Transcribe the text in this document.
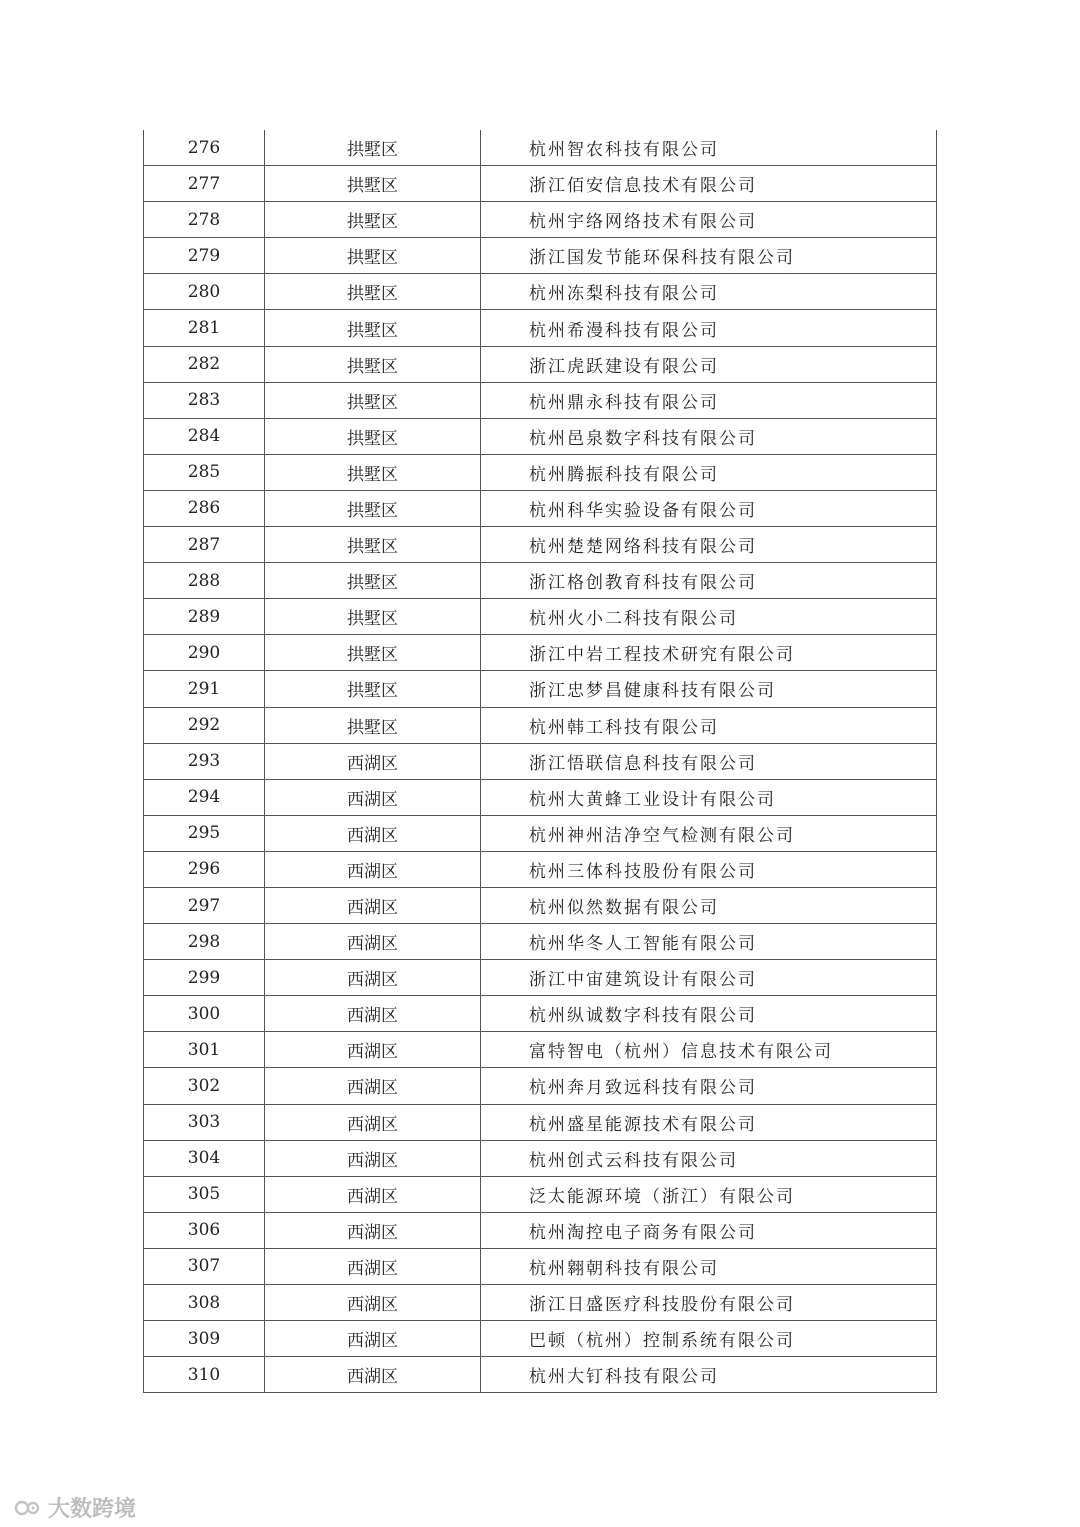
276	拱墅区	杭州智农科技有限公司
277	拱墅区	浙江佰安信息技术有限公司
278	拱墅区	杭州宇络网络技术有限公司
279	拱墅区	浙江国发节能环保科技有限公司
280	拱墅区	杭州冻梨科技有限公司
281	拱墅区	杭州希漫科技有限公司
282	拱墅区	浙江虎跃建设有限公司
283	拱墅区	杭州鼎永科技有限公司
284	拱墅区	杭州邑泉数字科技有限公司
285	拱墅区	杭州腾振科技有限公司
286	拱墅区	杭州科华实验设备有限公司
287	拱墅区	杭州楚楚网络科技有限公司
288	拱墅区	浙江格创教育科技有限公司
289	拱墅区	杭州火小二科技有限公司
290	拱墅区	浙江中岩工程技术研究有限公司
291	拱墅区	浙江忠梦昌健康科技有限公司
292	拱墅区	杭州韩工科技有限公司
293	西湖区	浙江悟联信息科技有限公司
294	西湖区	杭州大黄蜂工业设计有限公司
295	西湖区	杭州神州洁净空气检测有限公司
296	西湖区	杭州三体科技股份有限公司
297	西湖区	杭州似然数据有限公司
298	西湖区	杭州华冬人工智能有限公司
299	西湖区	浙江中宙建筑设计有限公司
300	西湖区	杭州纵诚数字科技有限公司
301	西湖区	富特智电（杭州）信息技术有限公司
302	西湖区	杭州奔月致远科技有限公司
303	西湖区	杭州盛星能源技术有限公司
304	西湖区	杭州创式云科技有限公司
305	西湖区	泛太能源环境（浙江）有限公司
306	西湖区	杭州淘控电子商务有限公司
307	西湖区	杭州翱朝科技有限公司
308	西湖区	浙江日盛医疗科技股份有限公司
309	西湖区	巴顿（杭州）控制系统有限公司
310	西湖区	杭州大钉科技有限公司
大数跨境
